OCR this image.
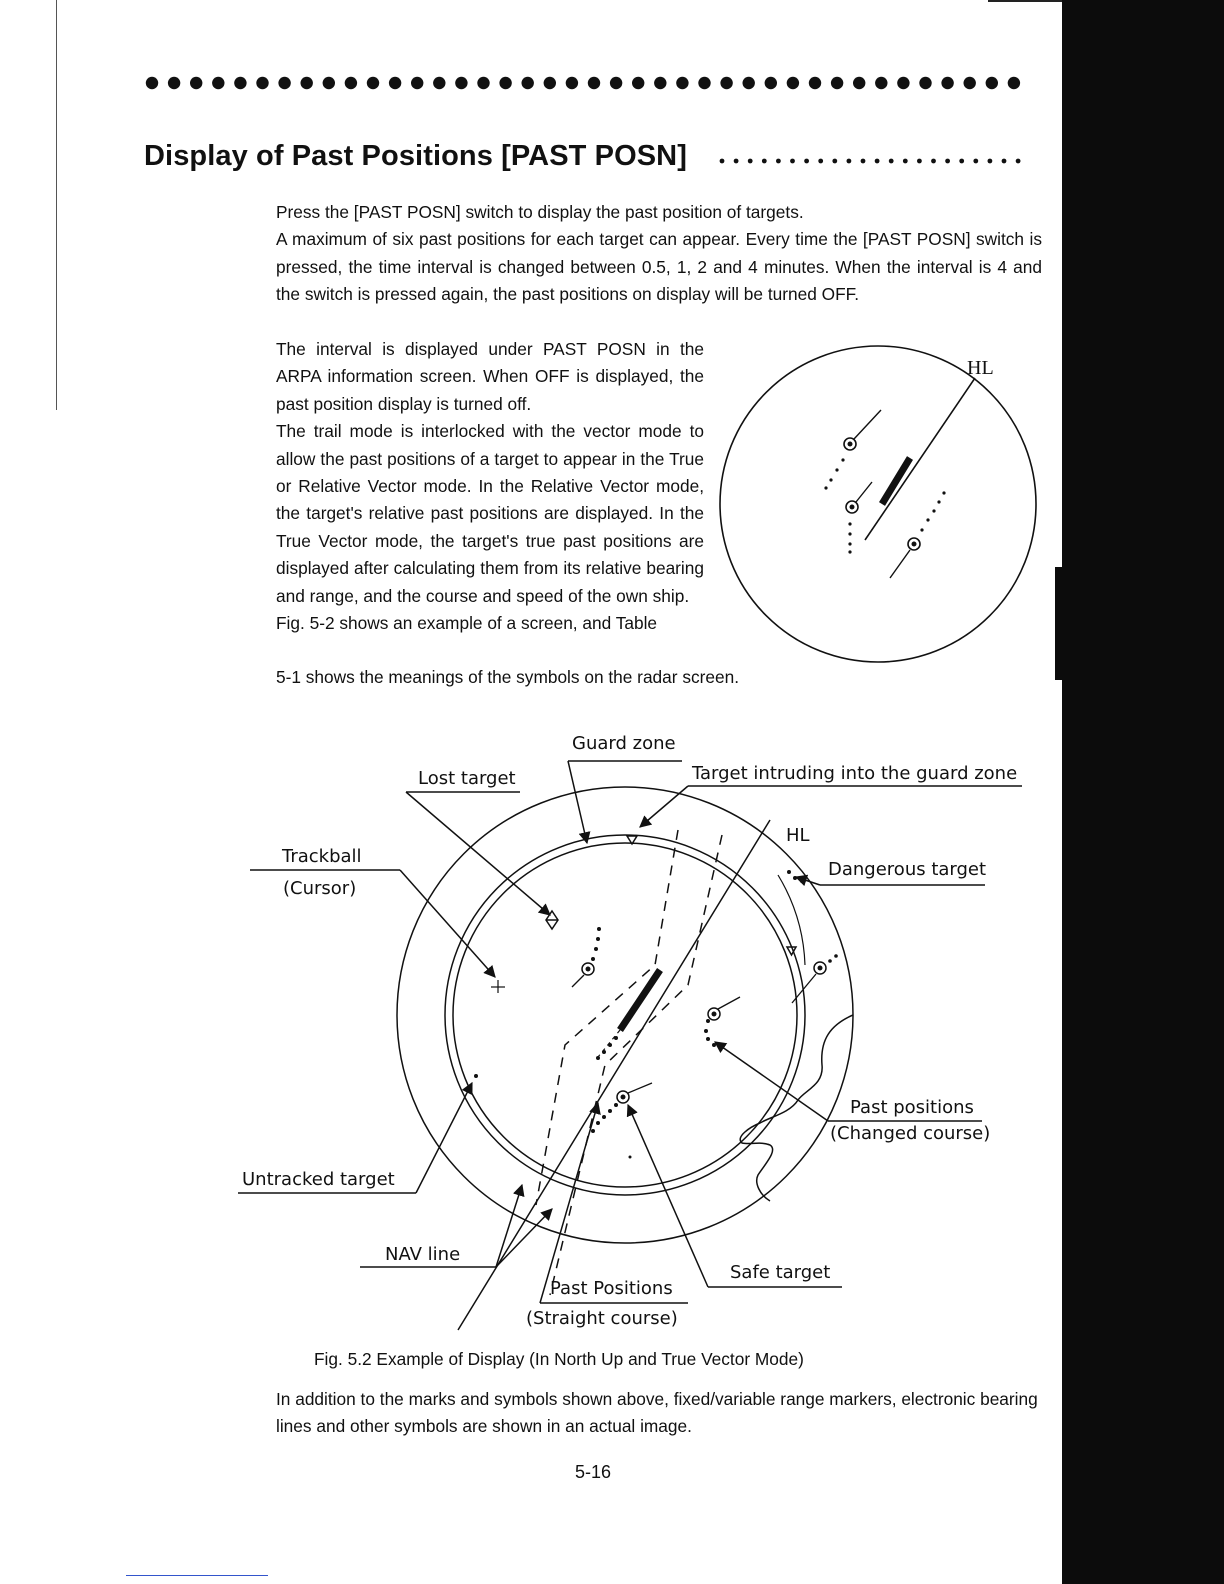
Display of Past Positions [PAST POSN]

Press the [PAST POSN] switch to display the past position of targets.

A maximum of six past positions for each target can appear. Every time the [PAST POSN] switch is pressed, the time interval is changed between 0.5, 1, 2 and 4 minutes. When the interval is 4 and the switch is pressed again, the past positions on display will be turned OFF.

The interval is displayed under PAST POSN in the ARPA information screen. When OFF is displayed, the past position display is turned off.

The trail mode is interlocked with the vector mode to allow the past positions of a target to appear in the True or Relative Vector mode. In the Relative Vector mode, the target's relative past positions are displayed. In the True Vector mode, the target's true past positions are displayed after calculating them from its relative bearing and range, and the course and speed of the own ship.

Fig. 5-2 shows an example of a screen, and Table

5-1 shows the meanings of the symbols on the radar screen.
HL
Guard zone
Lost target	Target intruding into the guard zone
HL
Trackball
(Cursor)
Dangerous target
Past positions
(Changed course)
Untracked target
NAV line
Safe target
Past Positions
(Straight course)
Fig. 5.2 Example of Display (In North Up and True Vector Mode)

In addition to the marks and symbols shown above, fixed/variable range markers, electronic bearing lines and other symbols are shown in an actual image.

5-16
